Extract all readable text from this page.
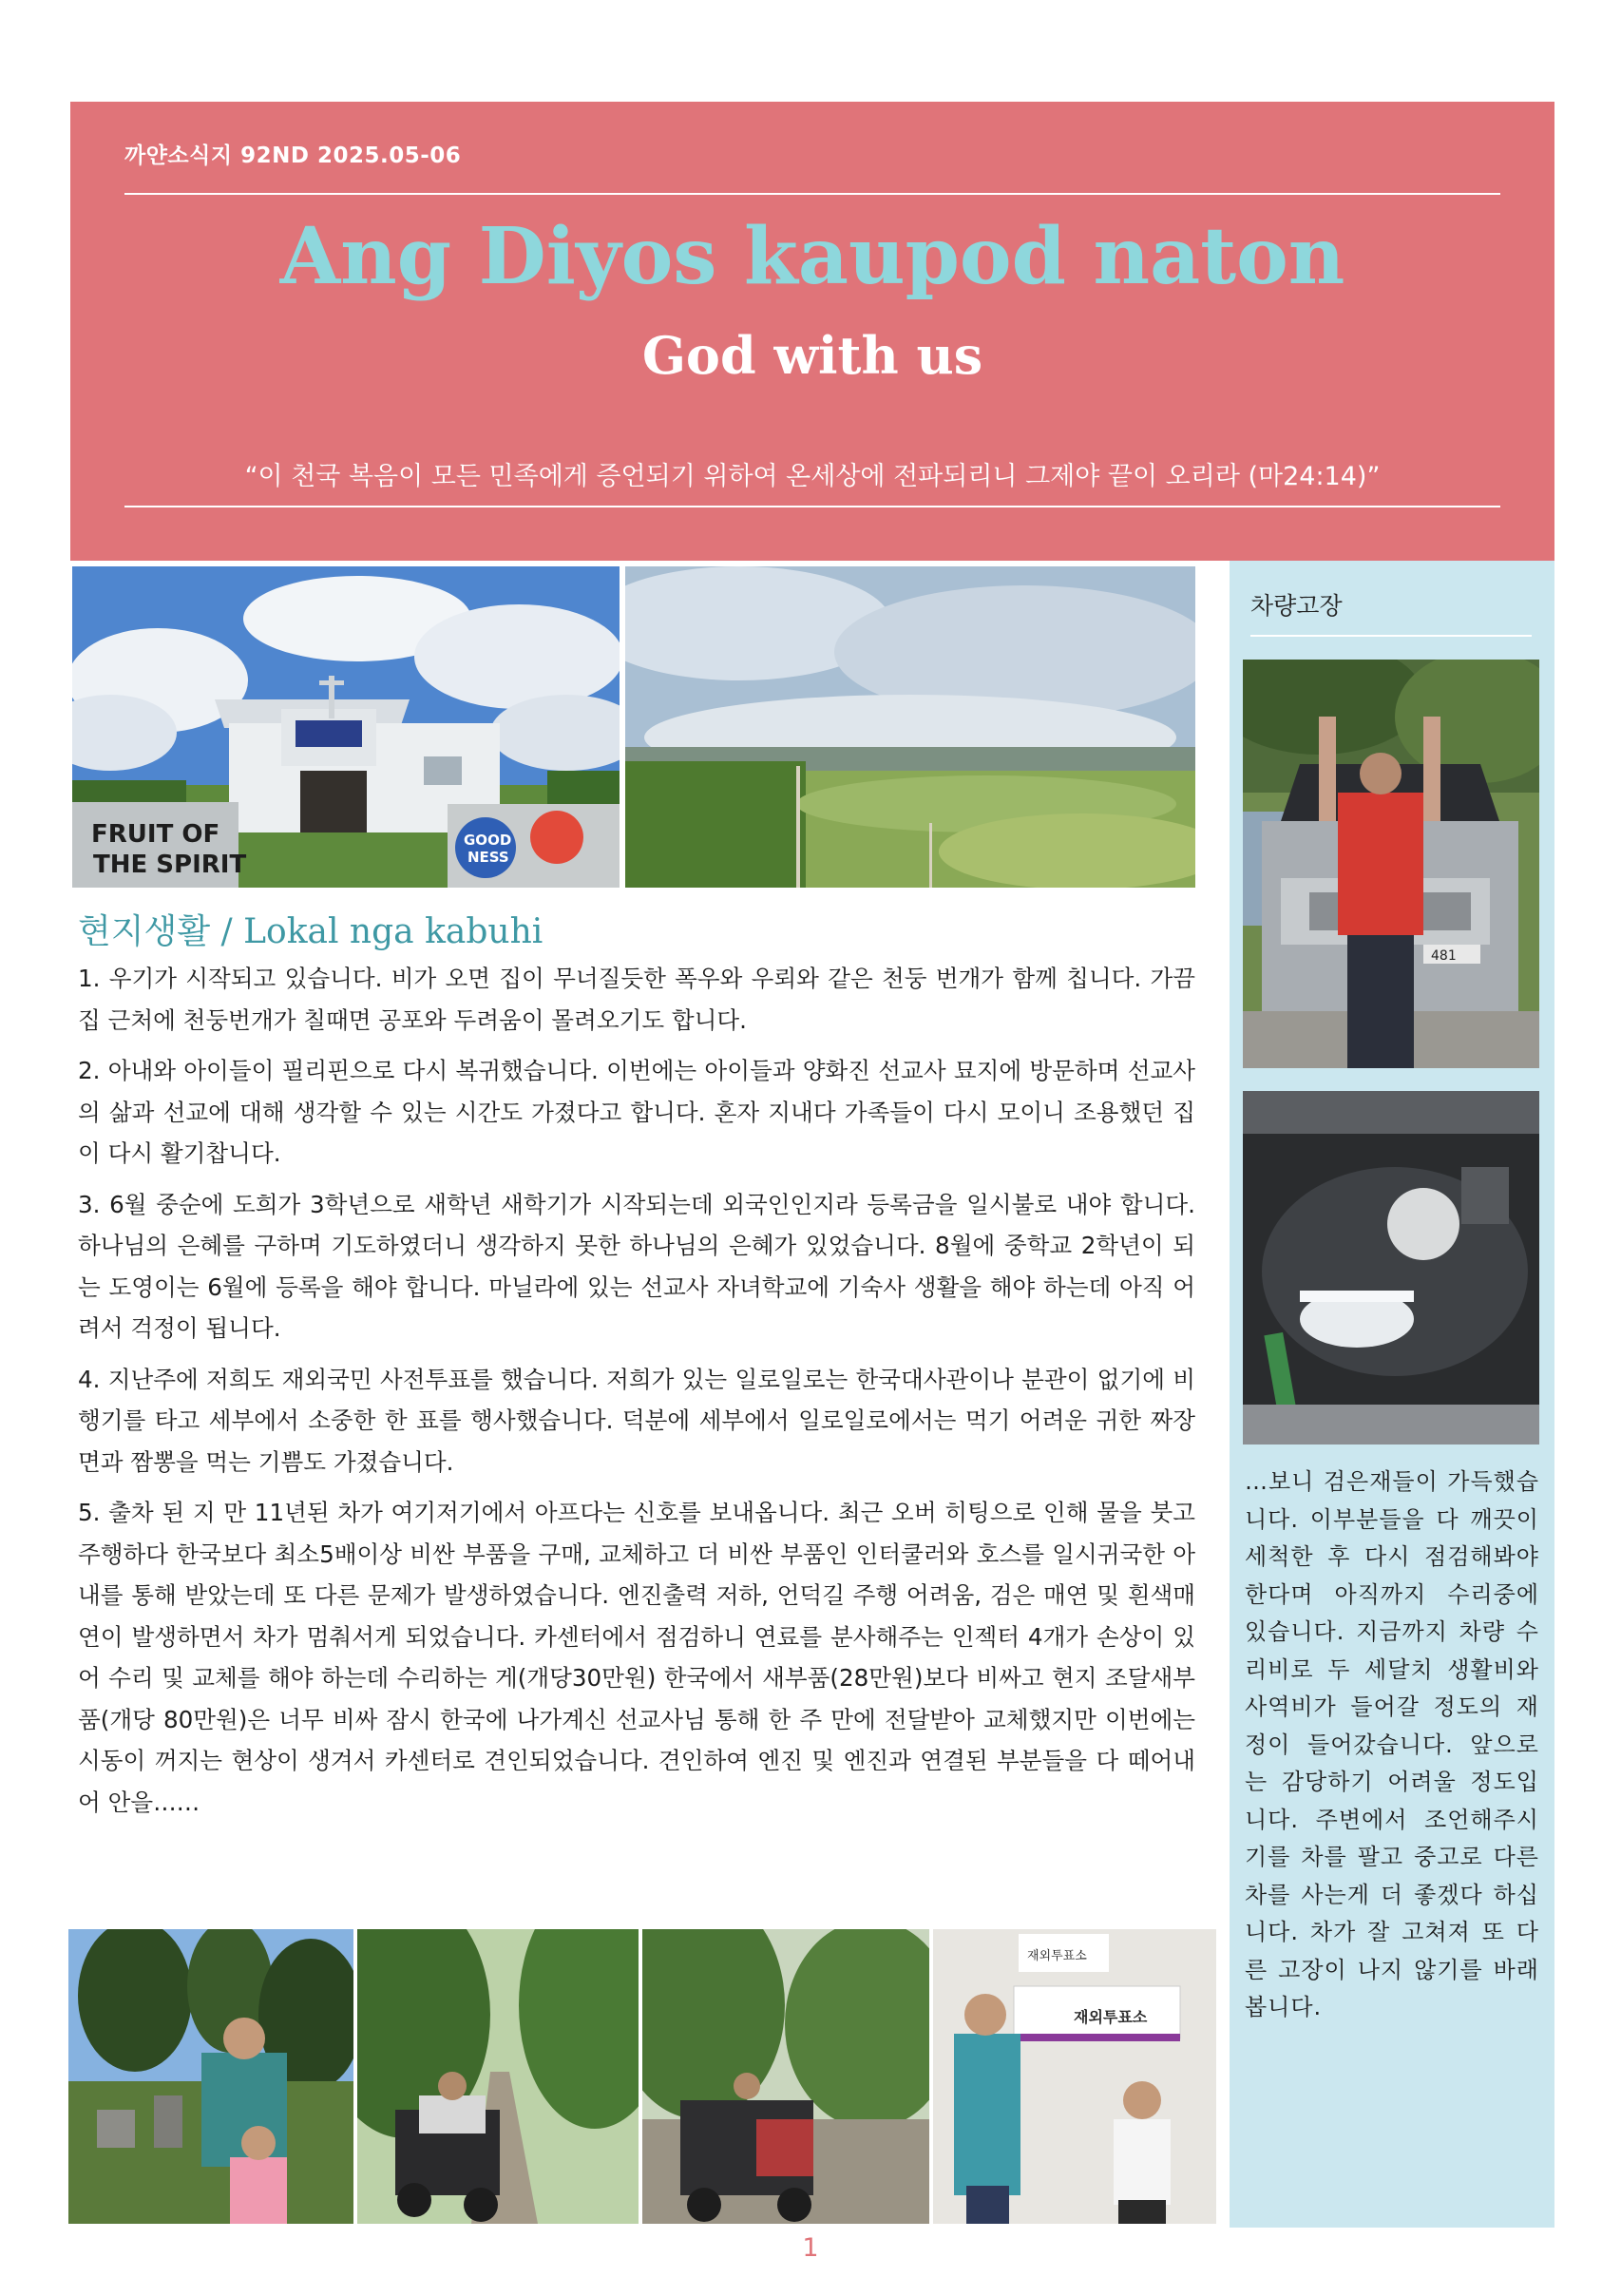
까얀소식지 92ND 2025.05-06
Ang Diyos kaupod naton
God with us
“이 천국 복음이 모든 민족에게 증언되기 위하여 온세상에 전파되리니 그제야 끝이 오리라 (마24:14)”
FRUIT OF
THE SPIRIT
GOOD
NESS
현지생활 / Lokal nga kabuhi

1. 우기가 시작되고 있습니다. 비가 오면 집이 무너질듯한 폭우와 우뢰와 같은 천둥 번개가 함께 칩니다. 가끔 집 근처에 천둥번개가 칠때면 공포와 두려움이 몰려오기도 합니다.

2. 아내와 아이들이 필리핀으로 다시 복귀했습니다. 이번에는 아이들과 양화진 선교사 묘지에 방문하며 선교사의 삶과 선교에 대해 생각할 수 있는 시간도 가졌다고 합니다. 혼자 지내다 가족들이 다시 모이니 조용했던 집이 다시 활기찹니다.

3. 6월 중순에 도희가 3학년으로 새학년 새학기가 시작되는데 외국인인지라 등록금을 일시불로 내야 합니다. 하나님의 은혜를 구하며 기도하였더니 생각하지 못한 하나님의 은혜가 있었습니다. 8월에 중학교 2학년이 되는 도영이는 6월에 등록을 해야 합니다. 마닐라에 있는 선교사 자녀학교에 기숙사 생활을 해야 하는데 아직 어려서 걱정이 됩니다.

4. 지난주에 저희도 재외국민 사전투표를 했습니다. 저희가 있는 일로일로는 한국대사관이나 분관이 없기에 비행기를 타고 세부에서 소중한 한 표를 행사했습니다. 덕분에 세부에서 일로일로에서는 먹기 어려운 귀한 짜장면과 짬뽕을 먹는 기쁨도 가졌습니다.

5. 출차 된 지 만 11년된 차가 여기저기에서 아프다는 신호를 보내옵니다. 최근 오버 히팅으로 인해 물을 붓고 주행하다 한국보다 최소5배이상 비싼 부품을 구매, 교체하고 더 비싼 부품인 인터쿨러와 호스를 일시귀국한 아내를 통해 받았는데 또 다른 문제가 발생하였습니다. 엔진출력 저하, 언덕길 주행 어려움, 검은 매연 및 흰색매연이 발생하면서 차가 멈춰서게 되었습니다. 카센터에서 점검하니 연료를 분사해주는 인젝터 4개가 손상이 있어 수리 및 교체를 해야 하는데 수리하는 게(개당30만원) 한국에서 새부품(28만원)보다 비싸고 현지 조달새부품(개당 80만원)은 너무 비싸 잠시 한국에 나가계신 선교사님 통해 한 주 만에 전달받아 교체했지만 이번에는 시동이 꺼지는 현상이 생겨서 카센터로 견인되었습니다. 견인하여 엔진 및 엔진과 연결된 부분들을 다 떼어내어 안을……

차량고장
481
…보니 검은재들이 가득했습니다. 이부분들을 다 깨끗이 세척한 후 다시 점검해봐야 한다며 아직까지 수리중에 있습니다. 지금까지 차량 수리비로 두 세달치 생활비와 사역비가 들어갈 정도의 재정이 들어갔습니다. 앞으로는 감당하기 어려울 정도입니다. 주변에서 조언해주시기를 차를 팔고 중고로 다른 차를 사는게 더 좋겠다 하십니다. 차가 잘 고쳐져 또 다른 고장이 나지 않기를 바래봅니다.
재외투표소
재외투표소
1
